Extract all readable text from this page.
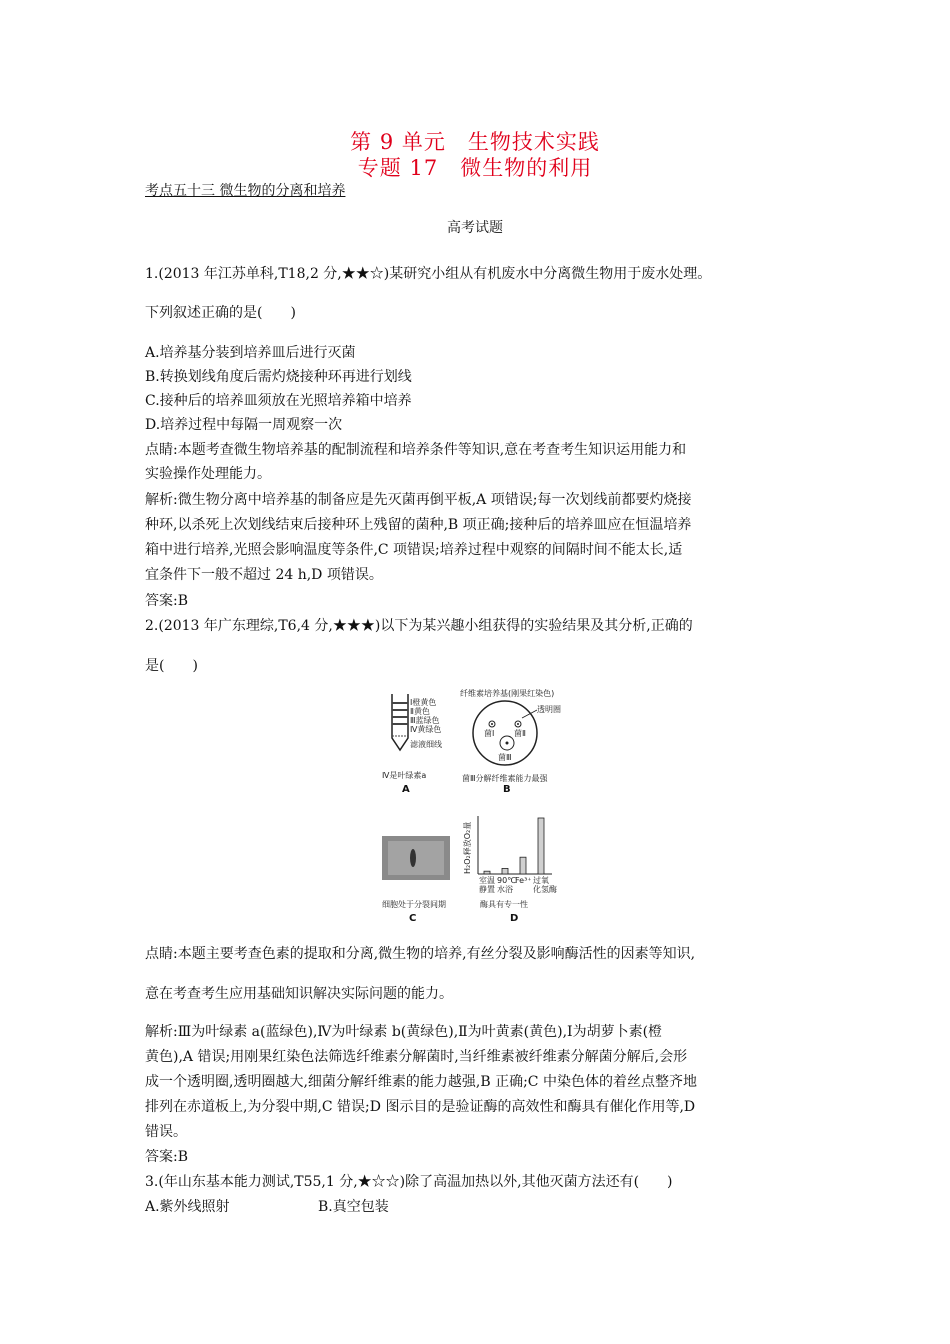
第 9 单元　生物技术实践
专题 17　微生物的利用
考点五十三 微生物的分离和培养
高考试题
1.(2013 年江苏单科,T18,2 分,★★☆)某研究小组从有机废水中分离微生物用于废水处理。
下列叙述正确的是(　　)
A.培养基分装到培养皿后进行灭菌
B.转换划线角度后需灼烧接种环再进行划线
C.接种后的培养皿须放在光照培养箱中培养
D.培养过程中每隔一周观察一次
点睛:本题考查微生物培养基的配制流程和培养条件等知识,意在考查考生知识运用能力和
实验操作处理能力。
解析:微生物分离中培养基的制备应是先灭菌再倒平板,A 项错误;每一次划线前都要灼烧接
种环,以杀死上次划线结束后接种环上残留的菌种,B 项正确;接种后的培养皿应在恒温培养
箱中进行培养,光照会影响温度等条件,C 项错误;培养过程中观察的间隔时间不能太长,适
宜条件下一般不超过 24 h,D 项错误。
答案:B
2.(2013 年广东理综,T6,4 分,★★★)以下为某兴趣小组获得的实验结果及其分析,正确的
是(　　)
Ⅰ橙黄色
Ⅱ黄色
Ⅲ蓝绿色
Ⅳ黄绿色
滤液细线
Ⅳ是叶绿素a
A
纤维素培养基(刚果红染色)
透明圈
菌Ⅰ 菌Ⅱ
菌Ⅲ
菌Ⅲ分解纤维素能力最强
B
细胞处于分裂间期
C
H₂O₂释放O₂量
室温
静置
90℃
水浴
Fe³⁺ 过氧
化氢酶
酶具有专一性
D
点睛:本题主要考查色素的提取和分离,微生物的培养,有丝分裂及影响酶活性的因素等知识,
意在考查考生应用基础知识解决实际问题的能力。
解析:Ⅲ为叶绿素 a(蓝绿色),Ⅳ为叶绿素 b(黄绿色),Ⅱ为叶黄素(黄色),Ⅰ为胡萝卜素(橙
黄色),A 错误;用刚果红染色法筛选纤维素分解菌时,当纤维素被纤维素分解菌分解后,会形
成一个透明圈,透明圈越大,细菌分解纤维素的能力越强,B 正确;C 中染色体的着丝点整齐地
排列在赤道板上,为分裂中期,C 错误;D 图示目的是验证酶的高效性和酶具有催化作用等,D
错误。
答案:B
3.(年山东基本能力测试,T55,1 分,★☆☆)除了高温加热以外,其他灭菌方法还有(　　)
A.紫外线照射	B.真空包装
